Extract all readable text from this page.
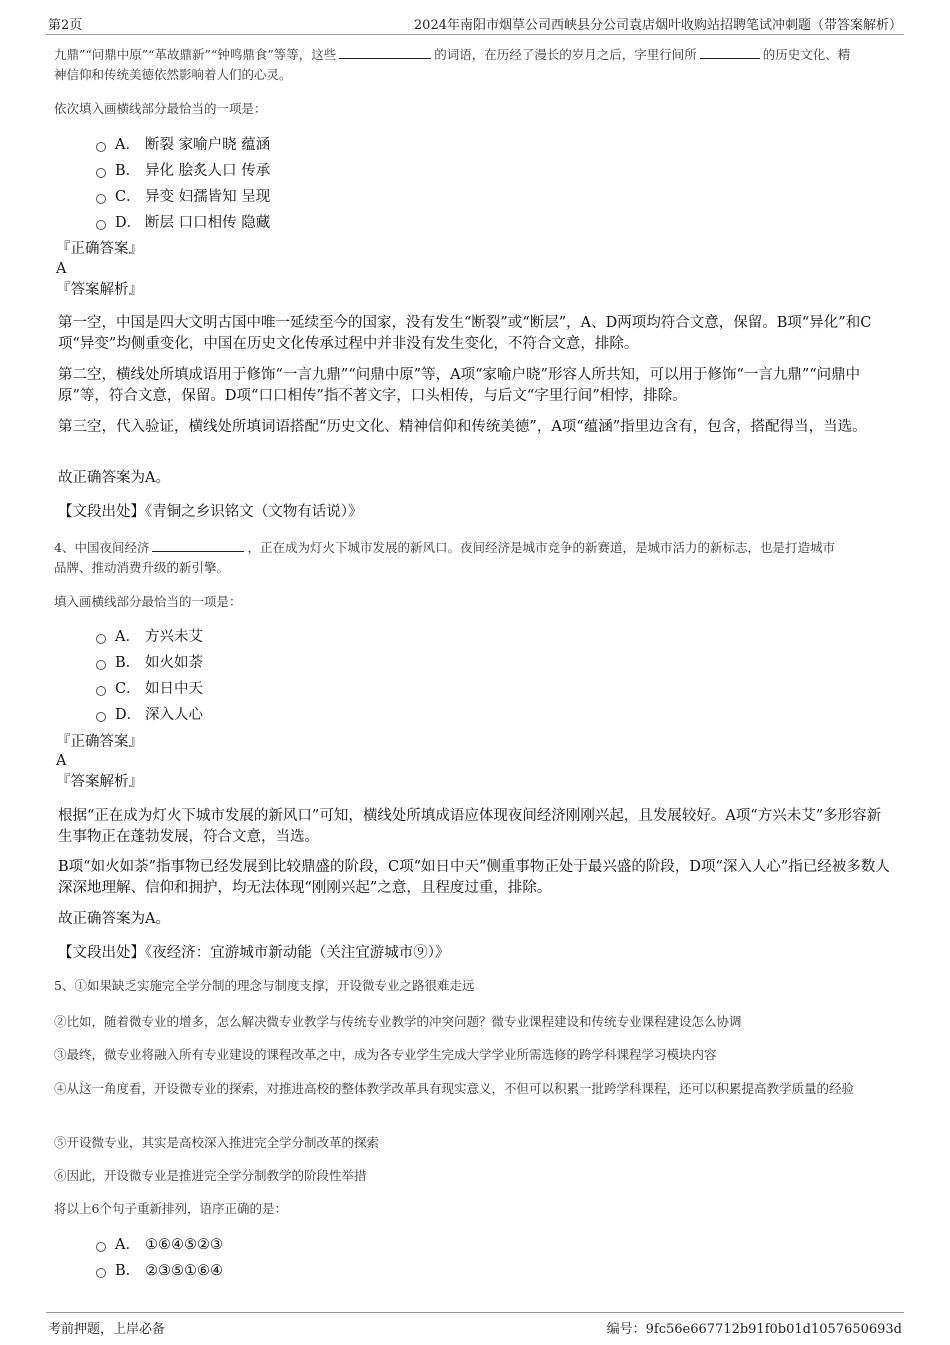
第2页	2024年南阳市烟草公司西峡县分公司袁店烟叶收购站招聘笔试冲刺题（带答案解析）

九鼎”“问鼎中原”“革故鼎新”“钟鸣鼎食”等等，这些	的词语，在历经了漫长的岁月之后，字里行间所	的历史文化、精
神信仰和传统美德依然影响着人们的心灵。

依次填入画横线部分最恰当的一项是：

A． 断裂 家喻户晓 蕴涵
B． 异化 脍炙人口 传承
C． 异变 妇孺皆知 呈现
D． 断层 口口相传 隐藏
『正确答案』
A
『答案解析』

第一空，中国是四大文明古国中唯一延续至今的国家，没有发生“断裂”或“断层”，A、D两项均符合文意，保留。B项“异化”和C项“异变”均侧重变化，中国在历史文化传承过程中并非没有发生变化，不符合文意，排除。

第二空，横线处所填成语用于修饰“一言九鼎”“问鼎中原”等，A项“家喻户晓”形容人所共知，可以用于修饰“一言九鼎”“问鼎中原”等，符合文意，保留。D项“口口相传”指不著文字，口头相传，与后文“字里行间”相悖，排除。

第三空，代入验证，横线处所填词语搭配“历史文化、精神信仰和传统美德”，A项“蕴涵”指里边含有，包含，搭配得当，当选。

故正确答案为A。

【文段出处】《青铜之乡识铭文（文物有话说）》

4、中国夜间经济	，正在成为灯火下城市发展的新风口。夜间经济是城市竞争的新赛道，是城市活力的新标志，也是打造城市
品牌、推动消费升级的新引擎。

填入画横线部分最恰当的一项是：

A． 方兴未艾
B． 如火如荼
C． 如日中天
D． 深入人心
『正确答案』
A
『答案解析』

根据“正在成为灯火下城市发展的新风口”可知，横线处所填成语应体现夜间经济刚刚兴起，且发展较好。A项“方兴未艾”多形容新生事物正在蓬勃发展，符合文意，当选。

B项“如火如荼”指事物已经发展到比较鼎盛的阶段，C项“如日中天”侧重事物正处于最兴盛的阶段，D项“深入人心”指已经被多数人深深地理解、信仰和拥护，均无法体现“刚刚兴起”之意，且程度过重，排除。

故正确答案为A。

【文段出处】《夜经济：宜游城市新动能（关注宜游城市⑨）》

5、①如果缺乏实施完全学分制的理念与制度支撑，开设微专业之路很难走远

②比如，随着微专业的增多，怎么解决微专业教学与传统专业教学的冲突问题？微专业课程建设和传统专业课程建设怎么协调

③最终，微专业将融入所有专业建设的课程改革之中，成为各专业学生完成大学学业所需选修的跨学科课程学习模块内容

④从这一角度看，开设微专业的探索，对推进高校的整体教学改革具有现实意义，不但可以积累一批跨学科课程，还可以积累提高教学质量的经验

⑤开设微专业，其实是高校深入推进完全学分制改革的探索

⑥因此，开设微专业是推进完全学分制教学的阶段性举措

将以上6个句子重新排列，语序正确的是：

A． ①⑥④⑤②③
B． ②③⑤①⑥④
考前押题，上岸必备	编号：9fc56e667712b91f0b01d1057650693d
